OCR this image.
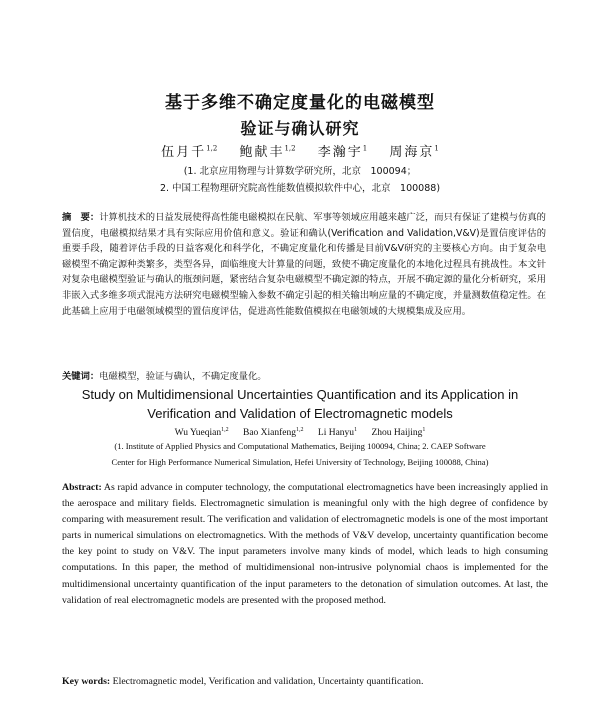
基于多维不确定度量化的电磁模型
验证与确认研究
伍月千$^{1,2}$ 鲍献丰$^{1,2}$ 李瀚宇$^1$ 周海京$^1$
(1. 北京应用物理与计算数学研究所，北京　100094；
2. 中国工程物理研究院高性能数值模拟软件中心，北京　100088)
摘　要：计算机技术的日益发展使得高性能电磁模拟在民航、军事等领域应用越来越广泛，而只有保证了建模与仿真的置信度，电磁模拟结果才具有实际应用价值和意义。验证和确认(Verification and Validation,V&V)是置信度评估的重要手段，随着评估手段的日益客观化和科学化，不确定度量化和传播是目前V&V研究的主要核心方向。由于复杂电磁模型不确定源种类繁多，类型各异，面临维度大计算量的问题，致使不确定度量化的本地化过程具有挑战性。本文针对复杂电磁模型验证与确认的瓶颈问题，紧密结合复杂电磁模型不确定源的特点，开展不确定源的量化分析研究，采用非嵌入式多维多项式混沌方法研究电磁模型输入参数不确定引起的相关输出响应量的不确定度，并量测数值稳定性。在此基础上应用于电磁领域模型的置信度评估，促进高性能数值模拟在电磁领域的大规模集成及应用。
关键词：电磁模型，验证与确认，不确定度量化。
Study on Multidimensional Uncertainties Quantification and its Application in
Verification and Validation of Electromagnetic models
Wu Yueqian$^{1,2}$ Bao Xianfeng$^{1,2}$ Li Hanyu$^1$ Zhou Haijing$^1$
(1. Institute of Applied Physics and Computational Mathematics, Beijing 100094, China; 2. CAEP Software
Center for High Performance Numerical Simulation, Hefei University of Technology, Beijing 100088, China)
Abstract: As rapid advance in computer technology, the computational electromagnetics have been increasingly applied in the aerospace and military fields. Electromagnetic simulation is meaningful only with the high degree of confidence by comparing with measurement result. The verification and validation of electromagnetic models is one of the most important parts in numerical simulations on electromagnetics. With the methods of V&V develop, uncertainty quantification become the key point to study on V&V. The input parameters involve many kinds of model, which leads to high consuming computations. In this paper, the method of multidimensional non-intrusive polynomial chaos is implemented for the multidimensional uncertainty quantification of the input parameters to the detonation of simulation outcomes. At last, the validation of real electromagnetic models are presented with the proposed method.
Key words: Electromagnetic model, Verification and validation, Uncertainty quantification.
